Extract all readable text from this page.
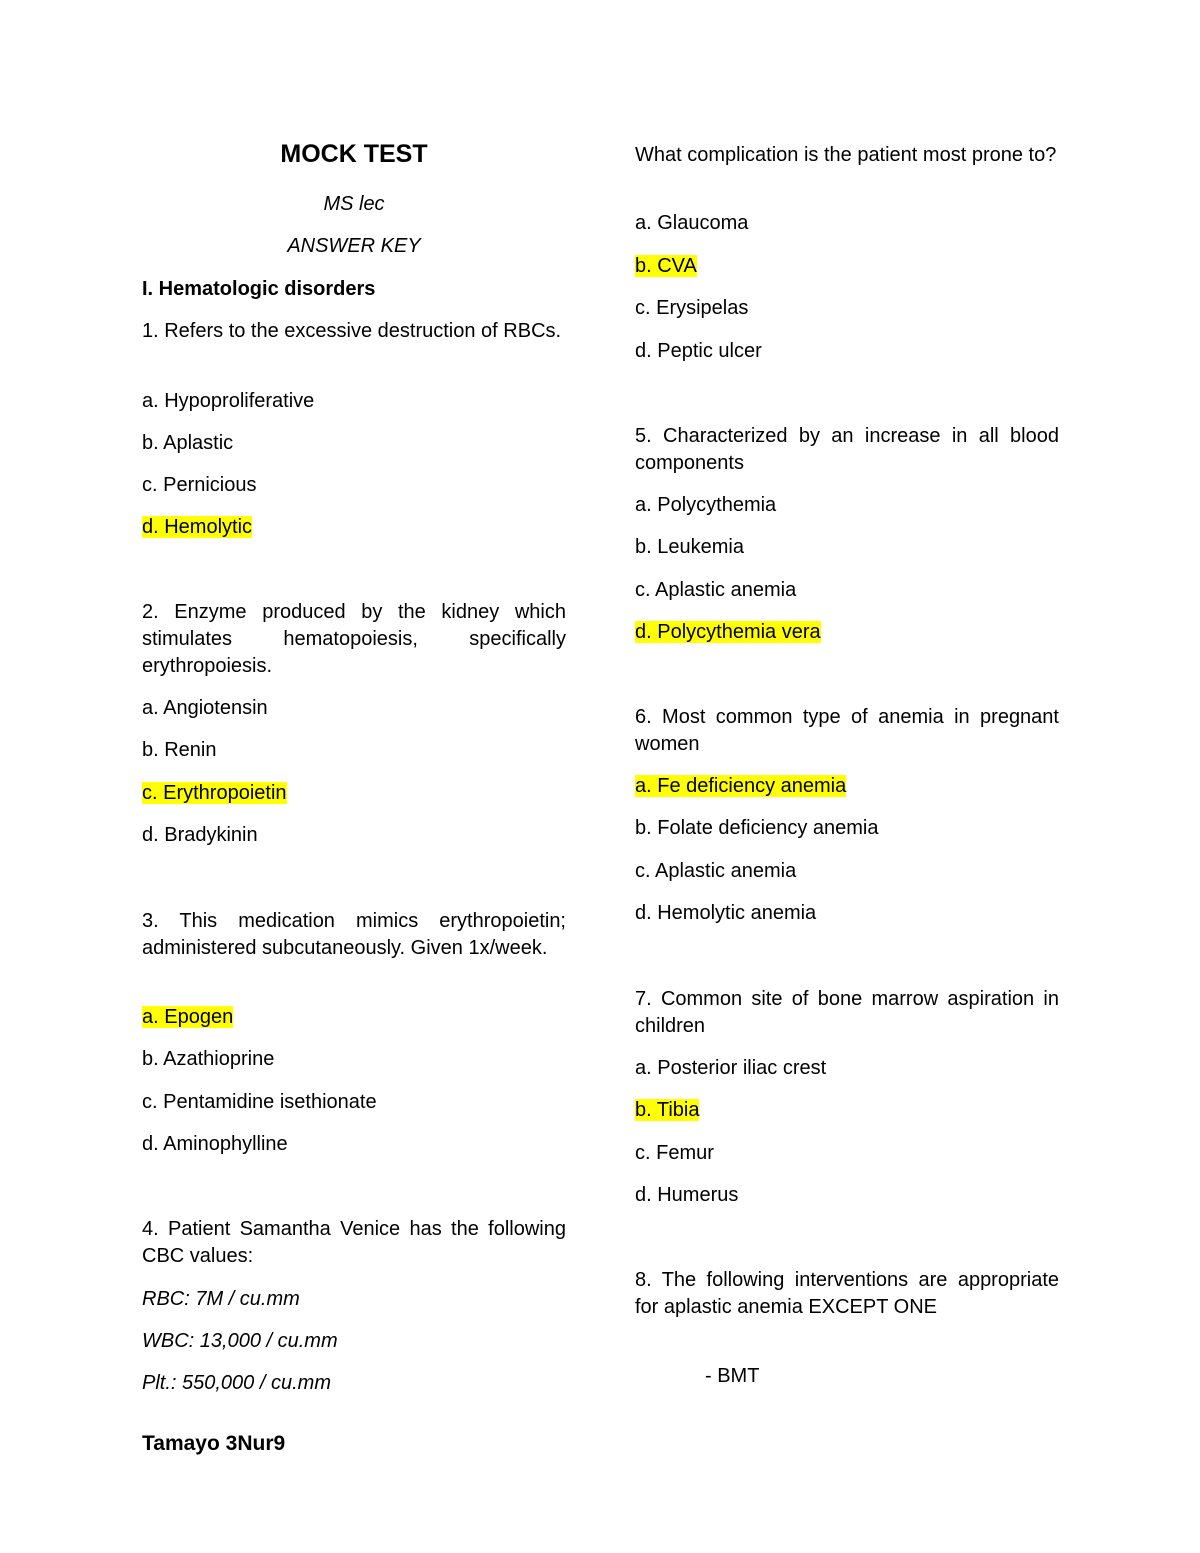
MOCK TEST
MS lec
ANSWER KEY
I. Hematologic disorders
1. Refers to the excessive destruction of RBCs.
a. Hypoproliferative
b. Aplastic
c. Pernicious
d. Hemolytic
2. Enzyme produced by the kidney which stimulates hematopoiesis, specifically erythropoiesis.
a. Angiotensin
b. Renin
c. Erythropoietin
d. Bradykinin
3. This medication mimics erythropoietin; administered subcutaneously. Given 1x/week.
a. Epogen
b. Azathioprine
c. Pentamidine isethionate
d. Aminophylline
4. Patient Samantha Venice has the following CBC values:
RBC: 7M / cu.mm
WBC: 13,000 / cu.mm
Plt.: 550,000 / cu.mm
What complication is the patient most prone to?
a. Glaucoma
b. CVA
c. Erysipelas
d. Peptic ulcer
5. Characterized by an increase in all blood components
a. Polycythemia
b. Leukemia
c. Aplastic anemia
d. Polycythemia vera
6. Most common type of anemia in pregnant women
a. Fe deficiency anemia
b. Folate deficiency anemia
c. Aplastic anemia
d. Hemolytic anemia
7. Common site of bone marrow aspiration in children
a. Posterior iliac crest
b. Tibia
c. Femur
d. Humerus
8. The following interventions are appropriate for aplastic anemia EXCEPT ONE
- BMT
Tamayo 3Nur9
